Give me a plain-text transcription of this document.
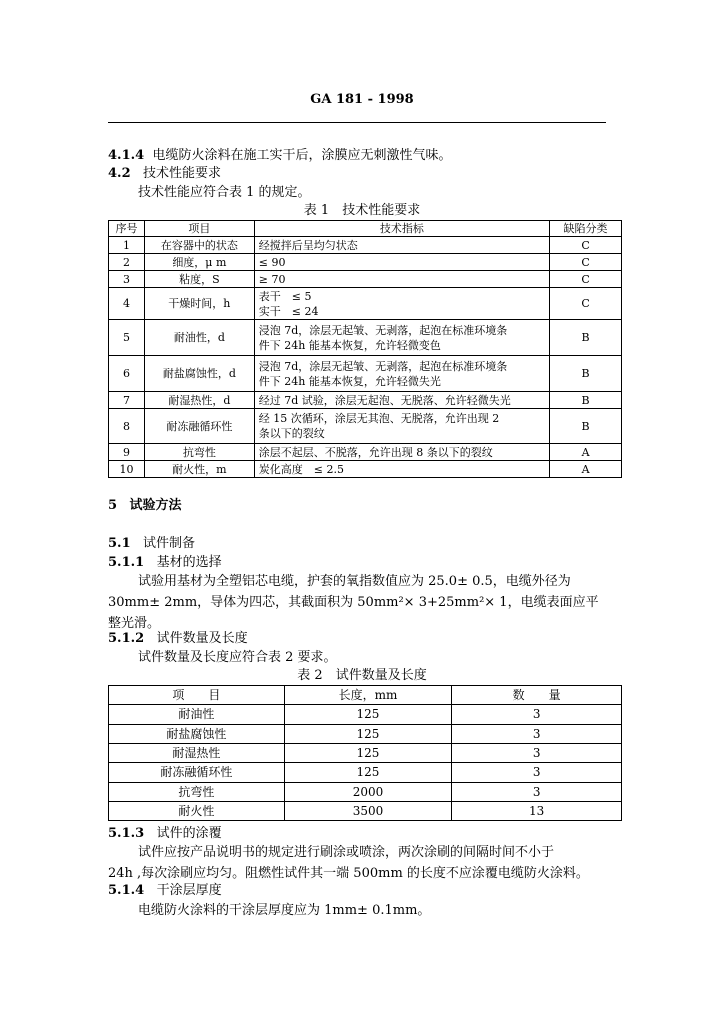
GA 181 - 1998
4.1.4 电缆防火涂料在施工实干后，涂膜应无刺激性气味。
4.2 技术性能要求
技术性能应符合表 1 的规定。
表 1　技术性能要求
序号	项目	技术指标	缺陷分类
1	在容器中的状态	经搅拌后呈均匀状态	C
2	细度，μ m	≤ 90	C
3	粘度，S	≥ 70	C
4	干燥时间，h	表干　≤ 5
实干　≤ 24	C
5	耐油性，d	浸泡 7d，涂层无起皱、无剥落，起泡在标准环境条
件下 24h 能基本恢复，允许轻微变色	B
6	耐盐腐蚀性，d	浸泡 7d，涂层无起皱、无剥落，起泡在标准环境条
件下 24h 能基本恢复，允许轻微失光	B
7	耐湿热性，d	经过 7d 试验，涂层无起泡、无脱落、允许轻微失光	B
8	耐冻融循环性	经 15 次循环，涂层无其泡、无脱落，允许出现 2
条以下的裂纹	B
9	抗弯性	涂层不起层、不脱落，允许出现 8 条以下的裂纹	A
10	耐火性，m	炭化高度　≤ 2.5	A
5 试验方法
5.1 试件制备
5.1.1 基材的选择
试验用基材为全塑铝芯电缆，护套的氧指数值应为 25.0± 0.5，电缆外径为
30mm± 2mm，导体为四芯，其截面积为 50mm²× 3+25mm²× 1，电缆表面应平
整光滑。
5.1.2 试件数量及长度
试件数量及长度应符合表 2 要求。
表 2　试件数量及长度
项　　目	长度，mm	数　　量
耐油性	125	3
耐盐腐蚀性	125	3
耐湿热性	125	3
耐冻融循环性	125	3
抗弯性	2000	3
耐火性	3500	13
5.1.3 试件的涂覆
试件应按产品说明书的规定进行刷涂或喷涂，两次涂刷的间隔时间不小于
24h ,每次涂刷应均匀。阻燃性试件其一端 500mm 的长度不应涂覆电缆防火涂料。
5.1.4 干涂层厚度
电缆防火涂料的干涂层厚度应为 1mm± 0.1mm。
